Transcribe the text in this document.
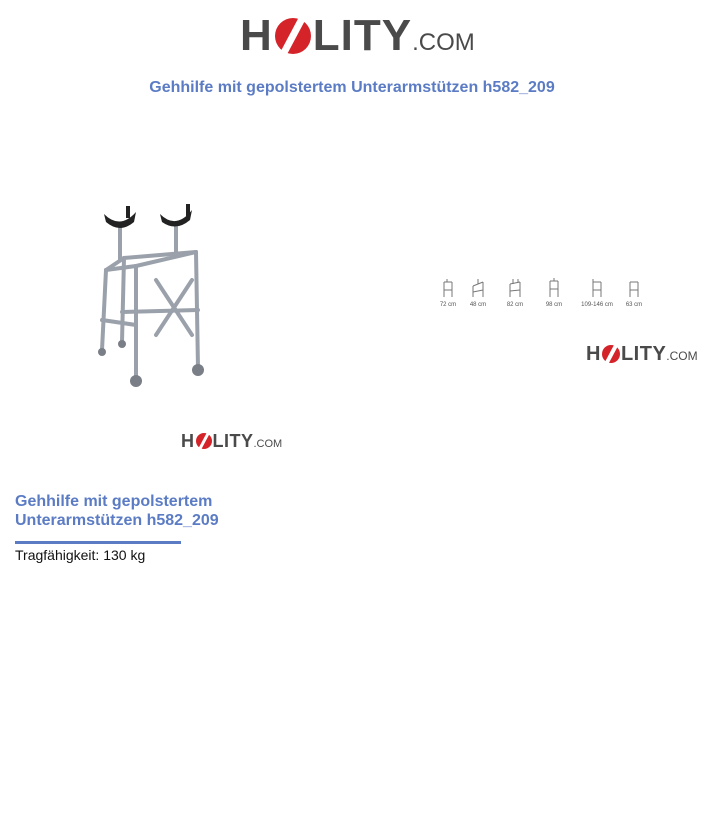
H LITY .COM
Gehhilfe mit gepolstertem Unterarmstützen h582_209
H LITY .COM
72 cm	48 cm	82 cm	98 cm	109-146 cm	63 cm
H LITY .COM
Gehhilfe mit gepolstertem
Unterarmstützen h582_209
Tragfähigkeit: 130 kg
